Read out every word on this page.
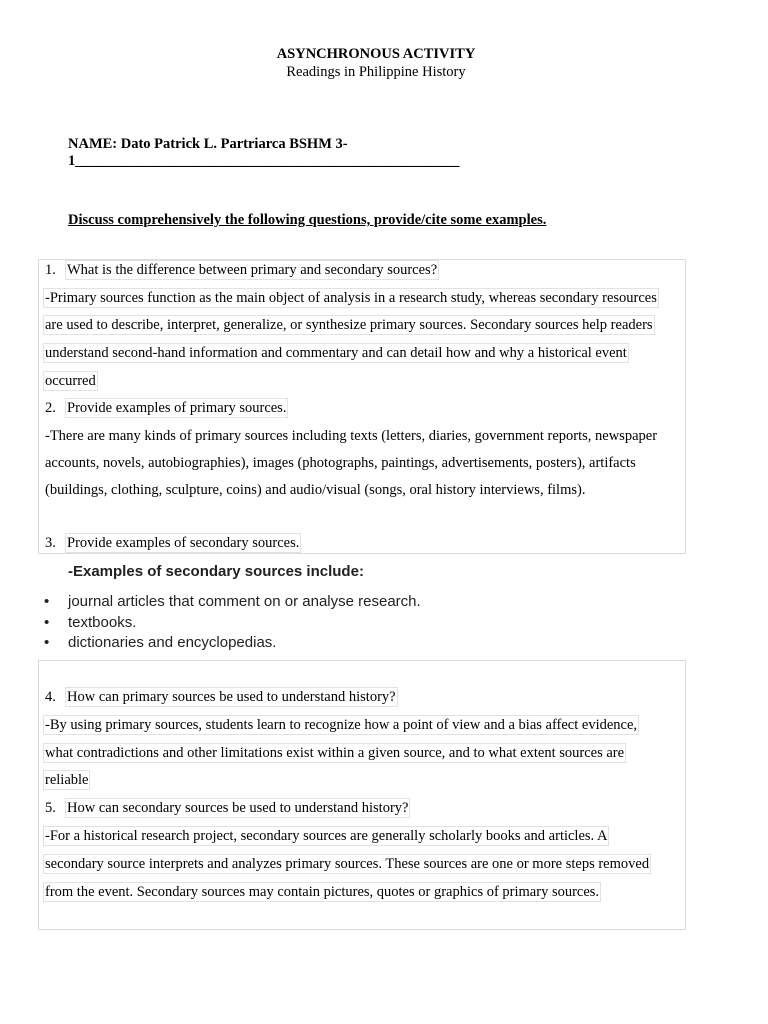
ASYNCHRONOUS ACTIVITY
Readings in Philippine History
NAME: Dato Patrick L. Partriarca BSHM 3-
1_____________________________________________________
Discuss comprehensively the following questions, provide/cite some examples.
1. What is the difference between primary and secondary sources?
-Primary sources function as the main object of analysis in a research study, whereas secondary resources
are used to describe, interpret, generalize, or synthesize primary sources. Secondary sources help readers
understand second-hand information and commentary and can detail how and why a historical event
occurred
2. Provide examples of primary sources.
-There are many kinds of primary sources including texts (letters, diaries, government reports, newspaper
accounts, novels, autobiographies), images (photographs, paintings, advertisements, posters), artifacts
(buildings, clothing, sculpture, coins) and audio/visual (songs, oral history interviews, films).
3. Provide examples of secondary sources.
-Examples of secondary sources include:
• journal articles that comment on or analyse research.
• textbooks.
• dictionaries and encyclopedias.
4. How can primary sources be used to understand history?
-By using primary sources, students learn to recognize how a point of view and a bias affect evidence,
what contradictions and other limitations exist within a given source, and to what extent sources are
reliable
5. How can secondary sources be used to understand history?
-For a historical research project, secondary sources are generally scholarly books and articles. A
secondary source interprets and analyzes primary sources. These sources are one or more steps removed
from the event. Secondary sources may contain pictures, quotes or graphics of primary sources.
